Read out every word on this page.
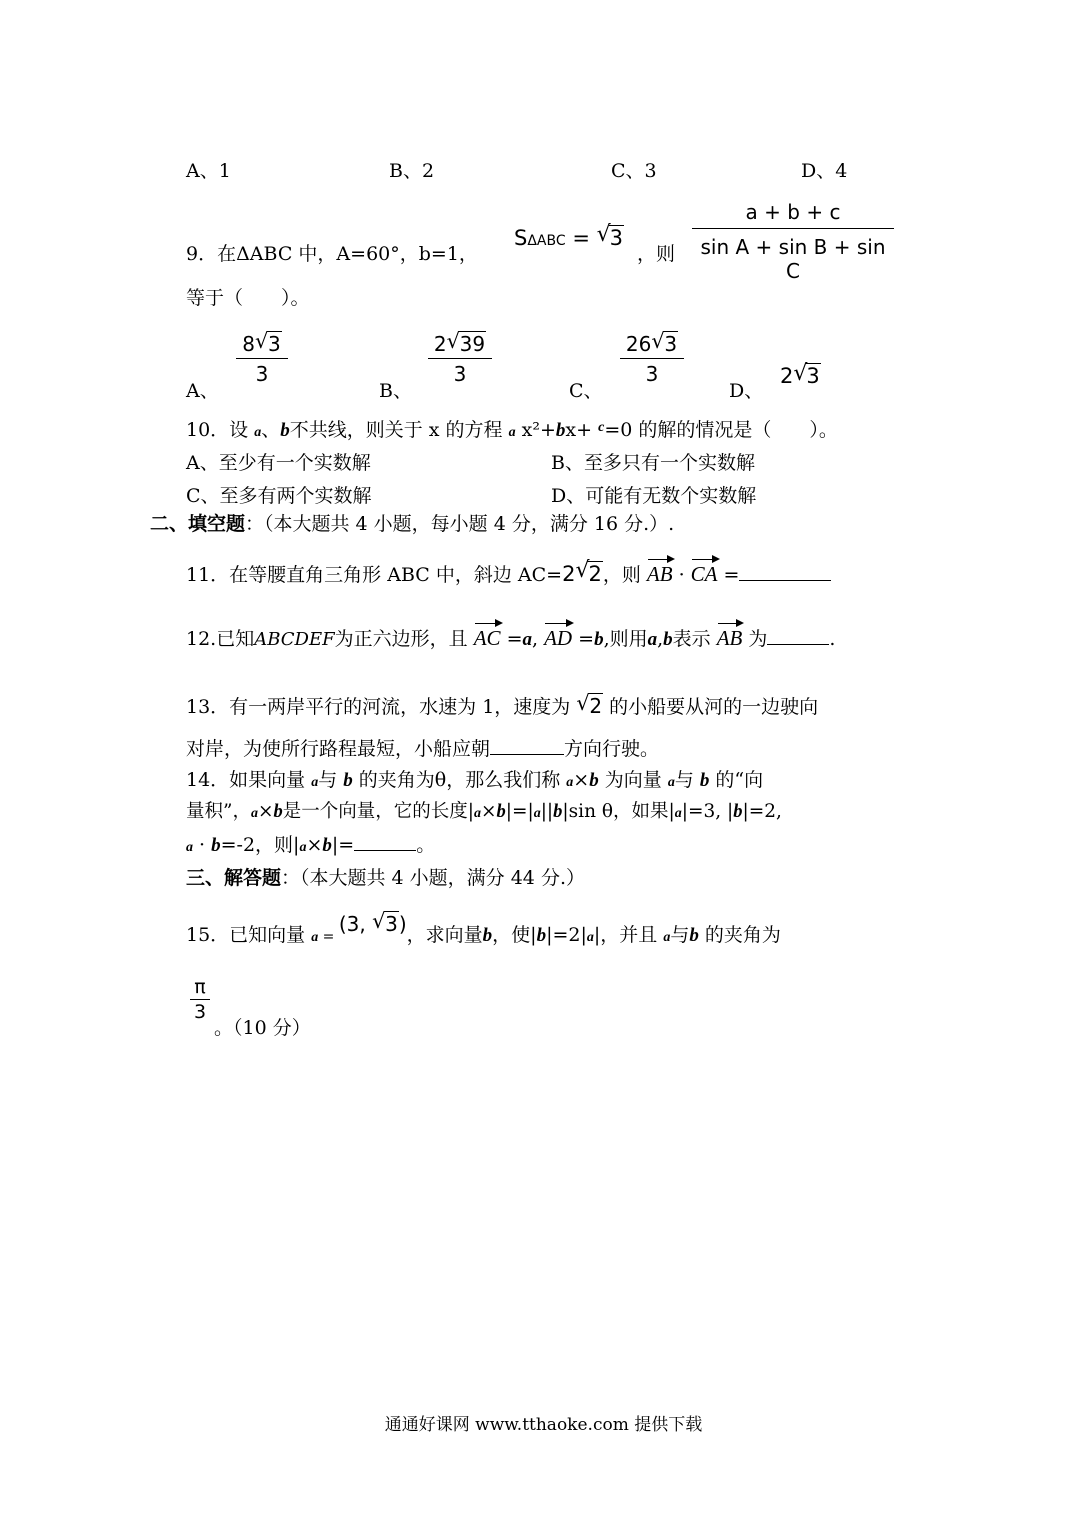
A、1	B、2	C、3	D、4
9．在ΔABC 中，A=60°，b=1，
SΔABC = √ 3
，则 $\frac{a + b + c}{\text{sin A + sin B + sin C}}$
等于（　　）。
A、
$\frac{8 √ 3}{3}$
B、
$\frac{2 √ 39}{3}$
C、
$\frac{26 √ 3}{3}$
D、
2 √ 3
10．设 a、b不共线，则关于 x 的方程 a x²+bx+ $^c$=0 的解的情况是（　　）。
A、至少有一个实数解	B、至多只有一个实数解
C、至多有两个实数解	D、可能有无数个实数解
二、填空题：（本大题共 4 小题，每小题 4 分，满分 16 分.）.
11．在等腰直角三角形 ABC 中，斜边 AC=2 √ 2，则 AB · CA =
12.已知ABCDEF为正六边形，且 AC =a, AD =b,则用a,b表示 AB 为	.
13．有一两岸平行的河流，水速为 1，速度为 √ 2 的小船要从河的一边驶向
对岸，为使所行路程最短，小船应朝	方向行驶。
14．如果向量 a与 b 的夹角为θ，那么我们称 a×b 为向量 a与 b 的“向
量积”，a×b是一个向量，它的长度|a×b|=|a||b|sin θ，如果|a|=3, |b|=2,
a · b=-2，则|a×b|=	。
三、解答题：（本大题共 4 小题，满分 44 分.）
15．已知向量 a = (3, √ 3)，求向量b，使|b|=2|a|，并且 a与b 的夹角为
$\frac{\pi}{3}$
。（10 分）
通通好课网 www.tthaoke.com 提供下载
